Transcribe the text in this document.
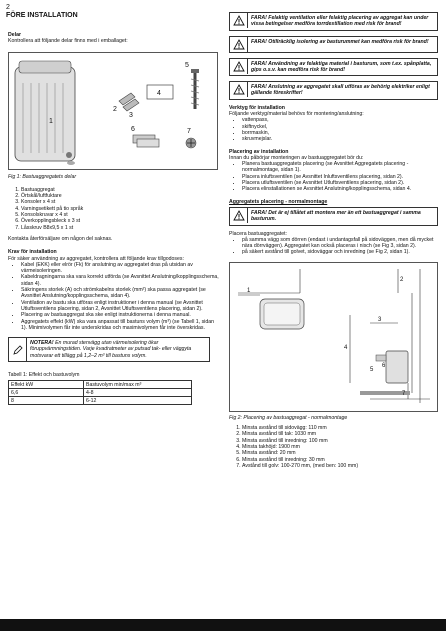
2
FÖRE INSTALLATION

Delar

Kontrollera att följande delar finns med i emballaget:

1
2
3
4
5
6	7

Fig 1: Bastuaggregatets delar

1. Bastuaggregat
2. Örtskål/luftfuktare
3. Konsoler x 4 st
4. Varningsetikett på tio språk
5. Konsolskruvar x 4 st
6. Överkopplingsbleck x 3 st
7. Låsskruv B8x9,5 x 1 st

Kontakta återförsäljare om någon del saknas.

Krav för installation

För säker användning av aggregatet, kontrollera att följande krav tillgodoses:

• Kabel (EKK) eller elrör (Fk) för anslutning av aggregatet dras på utsidan av värmeisoleringen.
• Kabeldragningarna ska vara korrekt utförda (se Avsnittet Anslutning/kopplingsschema, sidan 4).
• Säkringens storlek (A) och strömkabelns storlek (mm²) ska passa aggregatet (se Avsnittet Anslutning/kopplingsschema, sidan 4).
• Ventilation av bastu ska utföras enligt instruktioner i denna manual (se Avsnittet Utluftsventilens placering, sidan 2, Avsnittet Utluftsventilens placering, sidan 2).
• Placering av bastuaggregat ska ske enligt instruktionerna i denna manual.
• Aggregatets effekt (kW) ska vara anpassat till bastuns volym (m³) (se Tabell 1, sidan 1). Minimivolymen får inte underskridas och maximivolymen får inte överskridas.
NOTERA! En murad stenvägg utan värmeisolering ökar föruppvärmningstiden. Varje kvadratmeter av putsad tak- eller väggyta motsvarar ett tillägg på 1,2–2 m³ till bastuns volym.

Tabell 1: Effekt och bastuvolym

Effekt kW	Bastuvolym min/max m³
6,6	4-8
8	6-12
FARA! Felaktig ventilation eller felaktig placering av aggregat kan under vissa betingelser medföra torrdestillation med risk för brand!
FARA! Otillräcklig isolering av basturummet kan medföra risk för brand!
FARA! Användning av felaktiga material i basturum, som t.ex. spånplatta, gips o.s.v. kan medföra risk för brand!
FARA! Anslutning av aggregatet skall utföras av behörig elektriker enligt gällande föreskrifter!

Verktyg för installation

Följande verktyg/material behövs för montering/anslutning:

• vattenpass,
• skiftnyckel,
• borrmaskin,
• skruvmejslar.

Placering av installation

Innan du påbörjar monteringen av bastuaggregatet bör du:

• Planera bastuaggregatets placering (se Avsnittet Aggregatets placering - normalmontage, sidan 1).
• Placera inluftsventilen (se Avsnittet Inluftsventilens placering, sidan 2).
• Placera utluftsventilen (se Avsnittet Utluftsventilens placering, sidan 2).
• Placera elinstallationen se Avsnittet Anslutning/kopplingsschema, sidan 4.

Aggregatets placering - normalmontage

FARA! Det är ej tillåtet att montera mer än ett bastuaggregat i samma basturum.

Placera bastuaggregatet:

• på samma vägg som dörren (endast i undantagsfall på sidoväggen, men då mycket nära dörrväggen). Aggregatet kan också placeras i nisch (se Fig 3, sidan 2).
• på säkert avstånd till golvet, sidoväggar och inredning (se Fig 2, sidan 1).
1
2
3
4
5
6
7

Fig 2: Placering av bastuaggregat - normalmontage

1. Minsta avstånd till sidovägg: 110 mm
2. Minsta avstånd till tak: 1030 mm
3. Minsta avstånd till inredning: 100 mm
4. Minsta takhöjd: 1900 mm
5. Minsta avstånd: 20 mm
6. Minsta avstånd till inredning: 30 mm
7. Avstånd till golv: 100-270 mm, (med ben: 100 mm)
